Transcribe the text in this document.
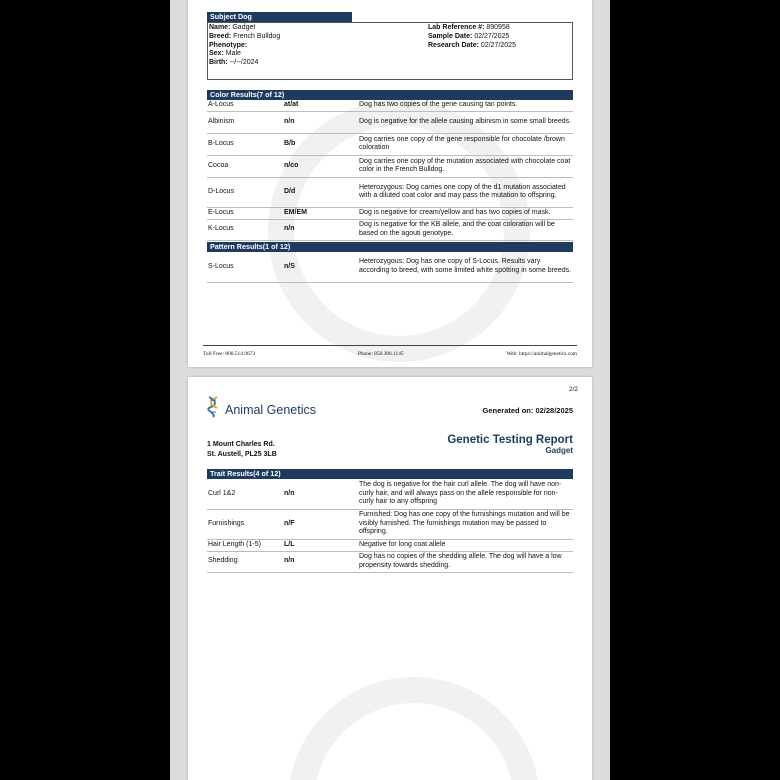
Subject Dog
Name: Gadget
Breed: French Bulldog
Phenotype:
Sex: Male
Birth: --/--/2024
Lab Reference #: 890958
Sample Date: 02/27/2025
Research Date: 02/27/2025
Color Results(7 of 12)
A-Locus	at/at	Dog has two copies of the gene causing tan points.
Albinism	n/n	Dog is negative for the allele causing albinism in some small breeds.
B-Locus	B/b	Dog carries one copy of the gene responsible for chocolate /brown coloration
Cocoa	n/co	Dog carries one copy of the mutation associated with chocolate coat color in the French Bulldog.
D-Locus	D/d	Heterozygous: Dog carries one copy of the d1 mutation associated with a diluted coat color and may pass the mutation to offspring.
E-Locus	EM/EM	Dog is negative for cream/yellow and has two copies of mask.
K-Locus	n/n	Dog is negative for the KB allele, and the coat coloration will be based on the agouti genotype.
Pattern Results(1 of 12)
S-Locus	n/S	Heterozygous: Dog has one copy of S-Locus. Results vary according to breed, with some limited white spotting in some breeds.
Toll Free: 800.514.9672	Phone: 850.386.1145	Web: https://animalgenetics.com
2/2
Animal Genetics	Generated on: 02/28/2025
1 Mount Charles Rd.
St. Austell, PL25 3LB
Genetic Testing Report
Gadget
Trait Results(4 of 12)
Curl 1&2	n/n	The dog is negative for the hair curl allele. The dog will have non-curly hair, and will always pass on the allele responsible for non-curly hair to any offspring
Furnishings	n/F	Furnished: Dog has one copy of the furnishings mutation and will be visibly furnished. The furnishings mutation may be passed to offspring.
Hair Length (1-5)	L/L	Negative for long coat allele
Shedding	n/n	Dog has no copies of the shedding allele. The dog will have a low propensity towards shedding.
